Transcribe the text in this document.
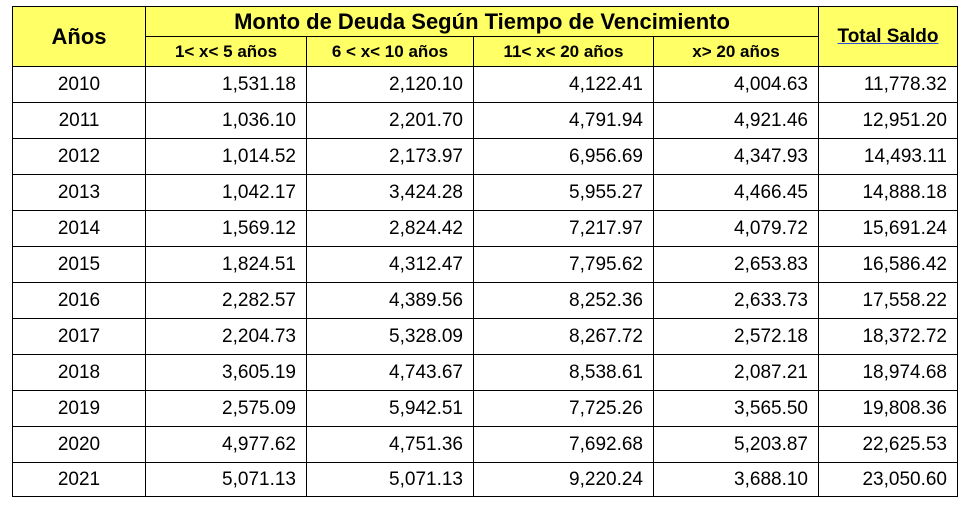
Años	Monto de Deuda Según Tiempo de Vencimiento				Total Saldo
	1< x< 5 años	6 < x< 10 años	11< x< 20 años	x> 20 años	
2010	1,531.18	2,120.10	4,122.41	4,004.63	11,778.32
2011	1,036.10	2,201.70	4,791.94	4,921.46	12,951.20
2012	1,014.52	2,173.97	6,956.69	4,347.93	14,493.11
2013	1,042.17	3,424.28	5,955.27	4,466.45	14,888.18
2014	1,569.12	2,824.42	7,217.97	4,079.72	15,691.24
2015	1,824.51	4,312.47	7,795.62	2,653.83	16,586.42
2016	2,282.57	4,389.56	8,252.36	2,633.73	17,558.22
2017	2,204.73	5,328.09	8,267.72	2,572.18	18,372.72
2018	3,605.19	4,743.67	8,538.61	2,087.21	18,974.68
2019	2,575.09	5,942.51	7,725.26	3,565.50	19,808.36
2020	4,977.62	4,751.36	7,692.68	5,203.87	22,625.53
2021	5,071.13	5,071.13	9,220.24	3,688.10	23,050.60
